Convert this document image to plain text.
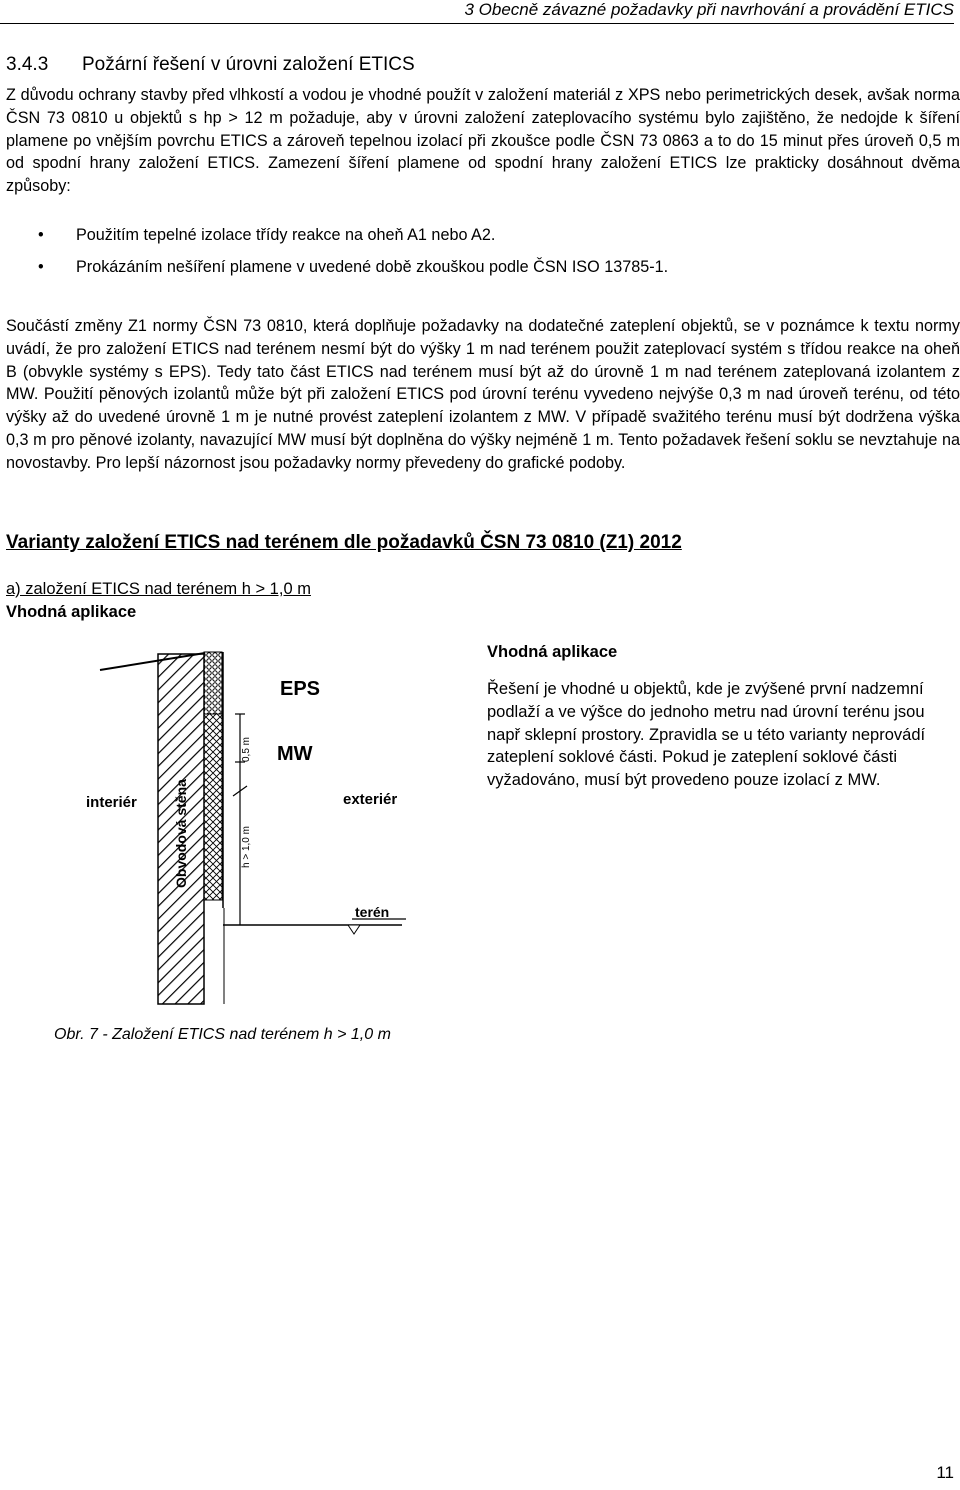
3 Obecně závazné požadavky při navrhování a provádění ETICS
3.4.3 Požární řešení v úrovni založení ETICS
Z důvodu ochrany stavby před vlhkostí a vodou je vhodné použít v založení materiál z XPS nebo perimetrických desek, avšak norma ČSN 73 0810 u objektů s hp > 12 m požaduje, aby v úrovni založení zateplovacího systému bylo zajištěno, že nedojde k šíření plamene po vnějším povrchu ETICS a zároveň tepelnou izolací při zkoušce podle ČSN 73 0863 a to do 15 minut přes úroveň 0,5 m od spodní hrany založení ETICS. Zamezení šíření plamene od spodní hrany založení ETICS lze prakticky dosáhnout dvěma způsoby:
• Použitím tepelné izolace třídy reakce na oheň A1 nebo A2.
• Prokázáním nešíření plamene v uvedené době zkouškou podle ČSN ISO 13785-1.
Součástí změny Z1 normy ČSN 73 0810, která doplňuje požadavky na dodatečné zateplení objektů, se v poznámce k textu normy uvádí, že pro založení ETICS nad terénem nesmí být do výšky 1 m nad terénem použit zateplovací systém s třídou reakce na oheň B (obvykle systémy s EPS). Tedy tato část ETICS nad terénem musí být až do úrovně 1 m nad terénem zateplovaná izolantem z MW. Použití pěnových izolantů může být při založení ETICS pod úrovní terénu vyvedeno nejvýše 0,3 m nad úroveň terénu, od této výšky až do uvedené úrovně 1 m je nutné provést zateplení izolantem z MW. V případě svažitého terénu musí být dodržena výška 0,3 m pro pěnové izolanty, navazující MW musí být doplněna do výšky nejméně 1 m. Tento požadavek řešení soklu se nevztahuje na novostavby. Pro lepší názornost jsou požadavky normy převedeny do grafické podoby.
Varianty založení ETICS nad terénem dle požadavků ČSN 73 0810 (Z1) 2012
a) založení ETICS nad terénem h > 1,0 m
Vhodná aplikace
EPS
MW
interiér	exteriér
Obvodová stěna
0,5 m
h > 1,0 m
terén
Vhodná aplikace
Řešení je vhodné u objektů, kde je zvýšené první nadzemní podlaží a ve výšce do jednoho metru nad úrovní terénu jsou např sklepní prostory. Zpravidla se u této varianty neprovádí zateplení soklové části. Pokud je zateplení soklové části vyžadováno, musí být provedeno pouze izolací z MW.
Obr. 7 - Založení ETICS nad terénem h > 1,0 m
11
